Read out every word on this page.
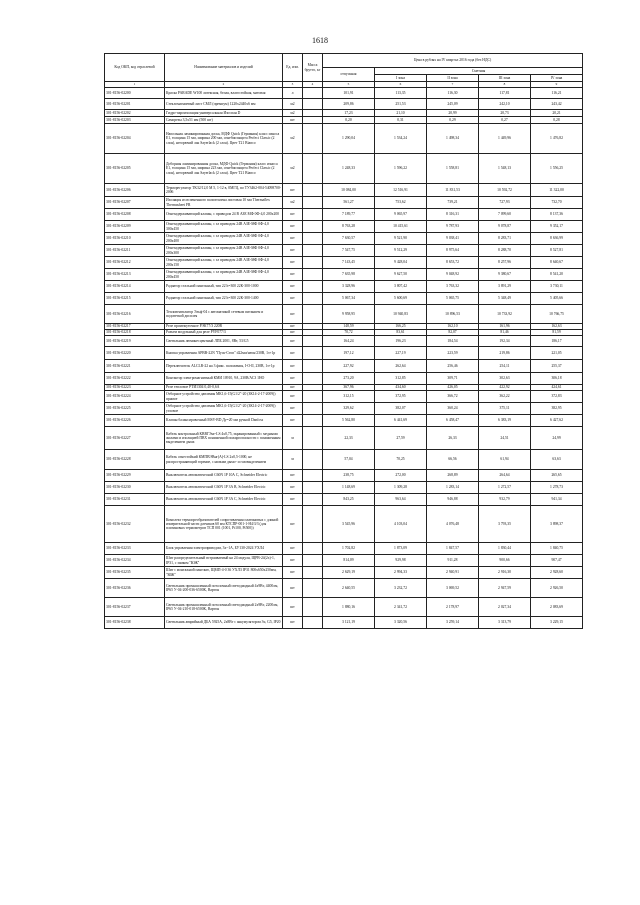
1618
Код ОКП, код отраслевой	Наименование материалов и изделий	Ед. изм.	Масса брутто, кг	Цена в рублях на IV квартал 2016 года (без НДС)				
				отпускная	Сметная			
					I зона	II зона	III зона	IV зона
1	2	3	4	5	6	7	8	9
301-8156-02200	Краска PARADE W100 латексная, белая, влагостойкая, матовая	л		101,91	113,35	116,30	117,81	116,21
301-8156-02201	Стекломагниевый лист СМЛ (премиум) 1220х2440х6 мм	м2		209,86	251,53	245,09	242,10	243,42
301-8156-02202	Гидро-пароизоляция универсальная Изоспан D	м2		17,23	21,10	20,99	20,73	20,21
301-8156-02203	Саморезы 3,5х51 мм (500 шт)	шт		0,20	0,31	0,29	0,27	0,28
301-8156-02204	Напольная ламинированная доска, МДФ Quick (Германия) класс износа E1, толщина 15 мм, ширина 200 мм, огнебиозащита Perfect Classic (2 слоя), негорючий лак Sayerlack (2 слоя). Цвет T21 Bianco	м2		1 290,04	1 534,24	1 498,34	1 449,96	1 476,82
301-8156-02205	Доборная ламинированная доска, МДФ Quick (Германия) класс износа E1, толщина 15 мм, ширина 223 мм, огнебиозащита Perfect Classic (2 слоя), негорючий лак Sayerlack (2 слоя). Цвет T21 Bianco	м2		1 248,33	1 596,22	1 558,81	1 548,13	1 556,25
301-8156-02206	Терморегулятор TK32/12,0 М 5, 1-12 в, 0МГЦ, по ТУ3462-004-54098700-2006	шт		10 084,00	12 516,91	11 831,53	10 592,72	11 322,00
301-8156-02207	Изоляция из вспененного полиэтилена листовая 10 мм Thermaflex Thermasheet FR	м2		561,27	753,62	739,21	727,93	732,70
301-8156-02208	Огнезадерживающий клапан, с приводом 24 В АЗЕ МФ 0Ф-4,0 200х200	шт		7 189,77	9 065,97	8 316,31	7 099,60	8 137,36
301-8156-02209	Огнезадерживающий клапан, с эл приводом 24В АЗЕ-МФ 0Ф-4,0 300х450	шт		8 763,28	10 415,61	9 787,93	9 078,87	9 352,17
301-8156-02210	Огнезадерживающий клапан, с эл приводом 24В АЗЕ-МФ 0Ф-4,0 200х400	шт		7 630,57	9 521,90	9 038,41	8 283,71	8 636,99
301-8156-02211	Огнезадерживающий клапан, с эл приводом 24В АЗЕ-МФ 0Ф-4,0 200х300	шт		7 547,75	9 512,29	8 975,64	8 288,70	8 527,81
301-8156-02212	Огнезадерживающий клапан, с эл приводом 24В АЗЕ-МФ 0Ф-4,0 200х150	шт		7 143,45	9 428,04	8 653,72	8 257,96	8 640,67
301-8156-02213	Огнезадерживающий клапан, с эл приводом 24В АЗЕ-МФ 0Ф-4,0 200х450	шт		7 635,98	9 627,50	9 048,92	9 380,67	8 541,20
301-8156-02214	Радиатор стальной панельный, тип 22 h=300 22К-300-1000	шт		3 328,96	3 807,42	3 763,32	3 891,29	3 730,11
301-8156-02215	Радиатор стальной панельный, тип 22 h=300 22К-300-1400	шт		5 067,34	5 600,69	5 065,75	5 348,49	5 405,66
301-8156-02216	Тепловентилятор Эльф-04 с автоматикой сетевым питанием и подсветкой дисплея	шт		9 958,95	10 940,83	10 896,53	10 733,92	10 766,75
301-8156-02217	Реле промежуточное РЭК77/3 220В	шт		148,59	166,25	162,10	161,96	162,63
301-8156-02218	Разъем модульный для реле PYF077/3	шт		70,72	83,61	82,07	81,46	81,59
301-8156-02219	Светильник люминесцентный ЛПБ 2001, 8Вт, 53/G5	шт		164,24	196,23	184,54	192,34	186,17
301-8156-02220	Кнопка управления АРВВ-22N "Пуск-Стоп" d22мм/неон/230В, 1з+1р	шт		197,12	227,19	223,59	219,86	221,05
301-8156-02221	Переключатель ALCLR-22 на 3 фикс. положения, I-O-II, 230В, 1з+1р	шт		227,92	262,64	256,46	254,11	255,37
301-8156-02222	Контактор электромагнитный КМИ 10910, 9А, 230В/АС3 1НО	шт		273,20	312,85	309,71	302,63	306,18
301-8156-02223	Реле тепловое РТИ1304 0,40-0,6А	шт		367,96	434,60	426,05	422,92	424,61
301-8156-02224	Отборное устройство давления МК1,6-15(G1/2"-20 (ЗК14-2-17-2009)) прямое	шт		312,15	372,95	366,72	362,22	372,83
301-8156-02225	Отборное устройство давления МК1,6-15(G1/2"-20 (ЗК14-2-17-2009)) угловое	шт		329,62	382,07	360,24	375,11	382,95
301-8156-02226	Клапан балансировочный MSV-BD Ду=20 мм ручной Danfoss	шт		5 562,80	6 441,69	6 458,47	6 383,19	6 427,62
301-8156-02227	Кабель контрольный КВВГЭнг-LS 4х0,75, экранированный с медными жилами и изоляцией ПВХ пониженной пожароопасности с пониженным выделением дыма	м		22,33	27,59	26,33	24,51	24,99
301-8156-02228	Кабель огнестойкий КМПВЭВнг(А)-LS 2х0,5-1000, не распространяющий горение, с низким дымо- и газовыделением	м		57,04	70,25	66,56	61,94	63,63
301-8156-02229	Выключатель автоматический C60N 1P 10А С, Schneider Electric	шт		238,75	272,00	268,89	264,64	265,65
301-8156-02230	Выключатель автоматический C60N 1P 3А В, Schneider Electric	шт		1 148,69	1 309,28	1 283,14	1 272,57	1 278,73
301-8156-02231	Выключатель автоматический C60N 1P 3А С, Schneider Electric	шт		843,25	963,64	946,88	932,79	941,34
301-8156-02232	Комплект термопреобразователей сопротивления платиновых с длиной измерительной части датчиков 60 мм КТСПР-001-1-Н4/3/3 (для платиновых термометров ТСП 001 (1001, Pt100, Pt500))	шт		3 545,96	4 103,04	4 076,48	3 793,35	3 898,37
301-8156-02233	Блок управления электроприводом, 3х~1А, БУ130-2024 УХЛ4	шт		1 702,82	1 873,09	1 847,57	1 830,44	1 840,75
301-8156-02234	Шит распределительный встраиваемый на 24 модуля, ЩРВ-24(2х)-1, IP31, с замком "ЮЖ"	шт		814,09	929,98	911,28	900,66	907,47
301-8156-02235	Шит с монтажной панелью, ЩМП-4-0 36 УХЛ3 IP31 800х650х250мм, "ЮЖ"	шт		2 629,19	2 994,33	2 940,91	2 916,30	2 928,60
301-8156-02236	Светильник промышленный потолочный светодиодный 4х9Вт, 4400лм, IP65 У-04-200-036-6500К, Вартон	шт		2 640,55	3 232,72	3 069,52	2 947,59	2 926,50
301-8156-02237	Светильник промышленный потолочный светодиодный 2х9Вт, 2200лм, IP65 У-04-210-018-6500К, Вартон	шт		1 880,16	2 341,72	2 178,97	2 027,34	2 083,69
301-8156-02238	Светильник аварийный ДБА 5925А, 2х8Вт с аккумулятором 3ч, G5, IP20	шт		3 121,19	3 320,56	3 259,14	3 313,79	3 229,15
